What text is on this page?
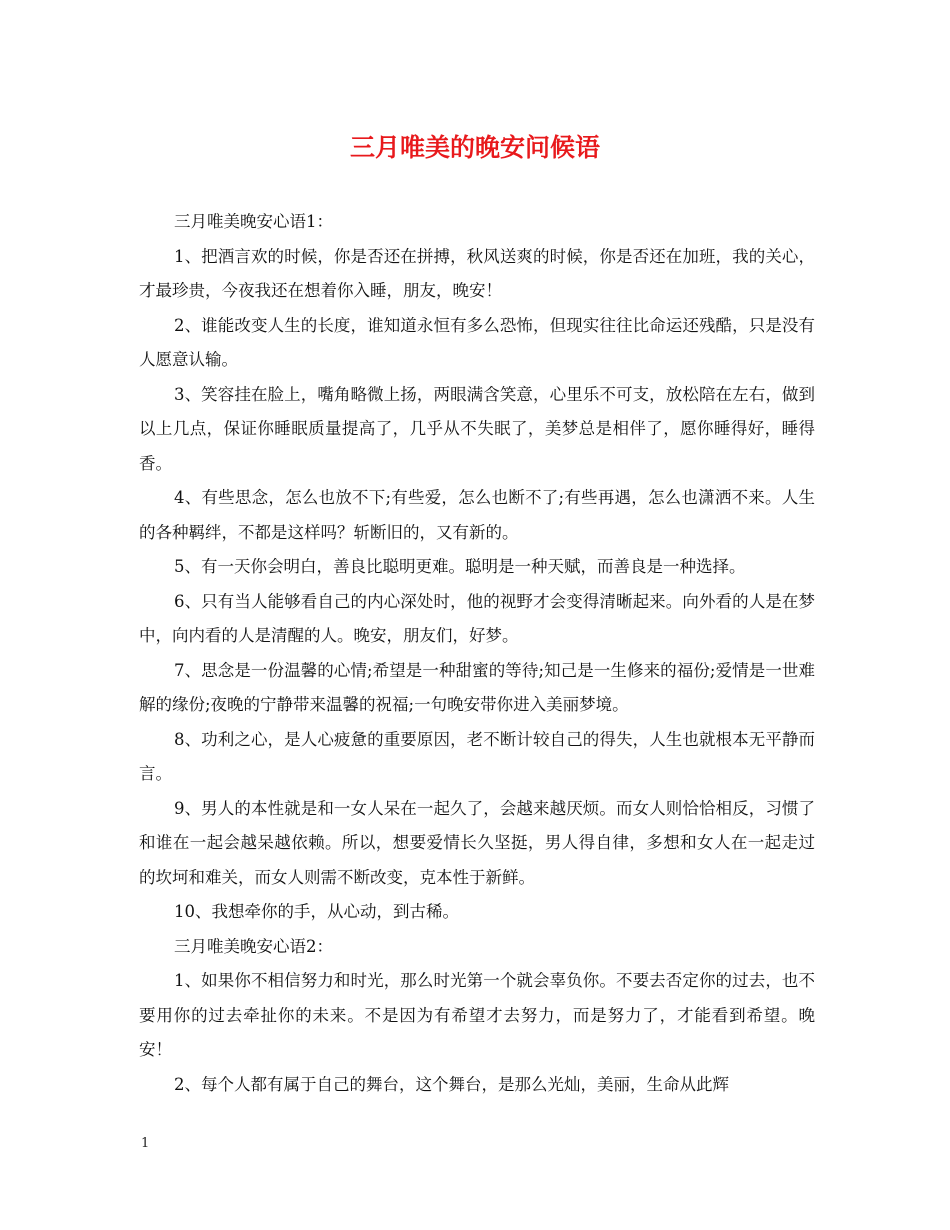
三月唯美的晚安问候语

三月唯美晚安心语1：

1、把酒言欢的时候，你是否还在拼搏，秋风送爽的时候，你是否还在加班，我的关心，才最珍贵，今夜我还在想着你入睡，朋友，晚安！

2、谁能改变人生的长度，谁知道永恒有多么恐怖，但现实往往比命运还残酷，只是没有人愿意认输。

3、笑容挂在脸上，嘴角略微上扬，两眼满含笑意，心里乐不可支，放松陪在左右，做到以上几点，保证你睡眠质量提高了，几乎从不失眠了，美梦总是相伴了，愿你睡得好，睡得香。

4、有些思念，怎么也放不下;有些爱，怎么也断不了;有些再遇，怎么也潇洒不来。人生的各种羁绊，不都是这样吗？斩断旧的，又有新的。

5、有一天你会明白，善良比聪明更难。聪明是一种天赋，而善良是一种选择。

6、只有当人能够看自己的内心深处时，他的视野才会变得清晰起来。向外看的人是在梦中，向内看的人是清醒的人。晚安，朋友们，好梦。

7、思念是一份温馨的心情;希望是一种甜蜜的等待;知己是一生修来的福份;爱情是一世难解的缘份;夜晚的宁静带来温馨的祝福;一句晚安带你进入美丽梦境。

8、功利之心，是人心疲惫的重要原因，老不断计较自己的得失，人生也就根本无平静而言。

9、男人的本性就是和一女人呆在一起久了，会越来越厌烦。而女人则恰恰相反，习惯了和谁在一起会越呆越依赖。所以，想要爱情长久坚挺，男人得自律，多想和女人在一起走过的坎坷和难关，而女人则需不断改变，克本性于新鲜。

10、我想牵你的手，从心动，到古稀。

三月唯美晚安心语2：

1、如果你不相信努力和时光，那么时光第一个就会辜负你。不要去否定你的过去，也不要用你的过去牵扯你的未来。不是因为有希望才去努力，而是努力了，才能看到希望。晚安！

2、每个人都有属于自己的舞台，这个舞台，是那么光灿，美丽，生命从此辉

1
